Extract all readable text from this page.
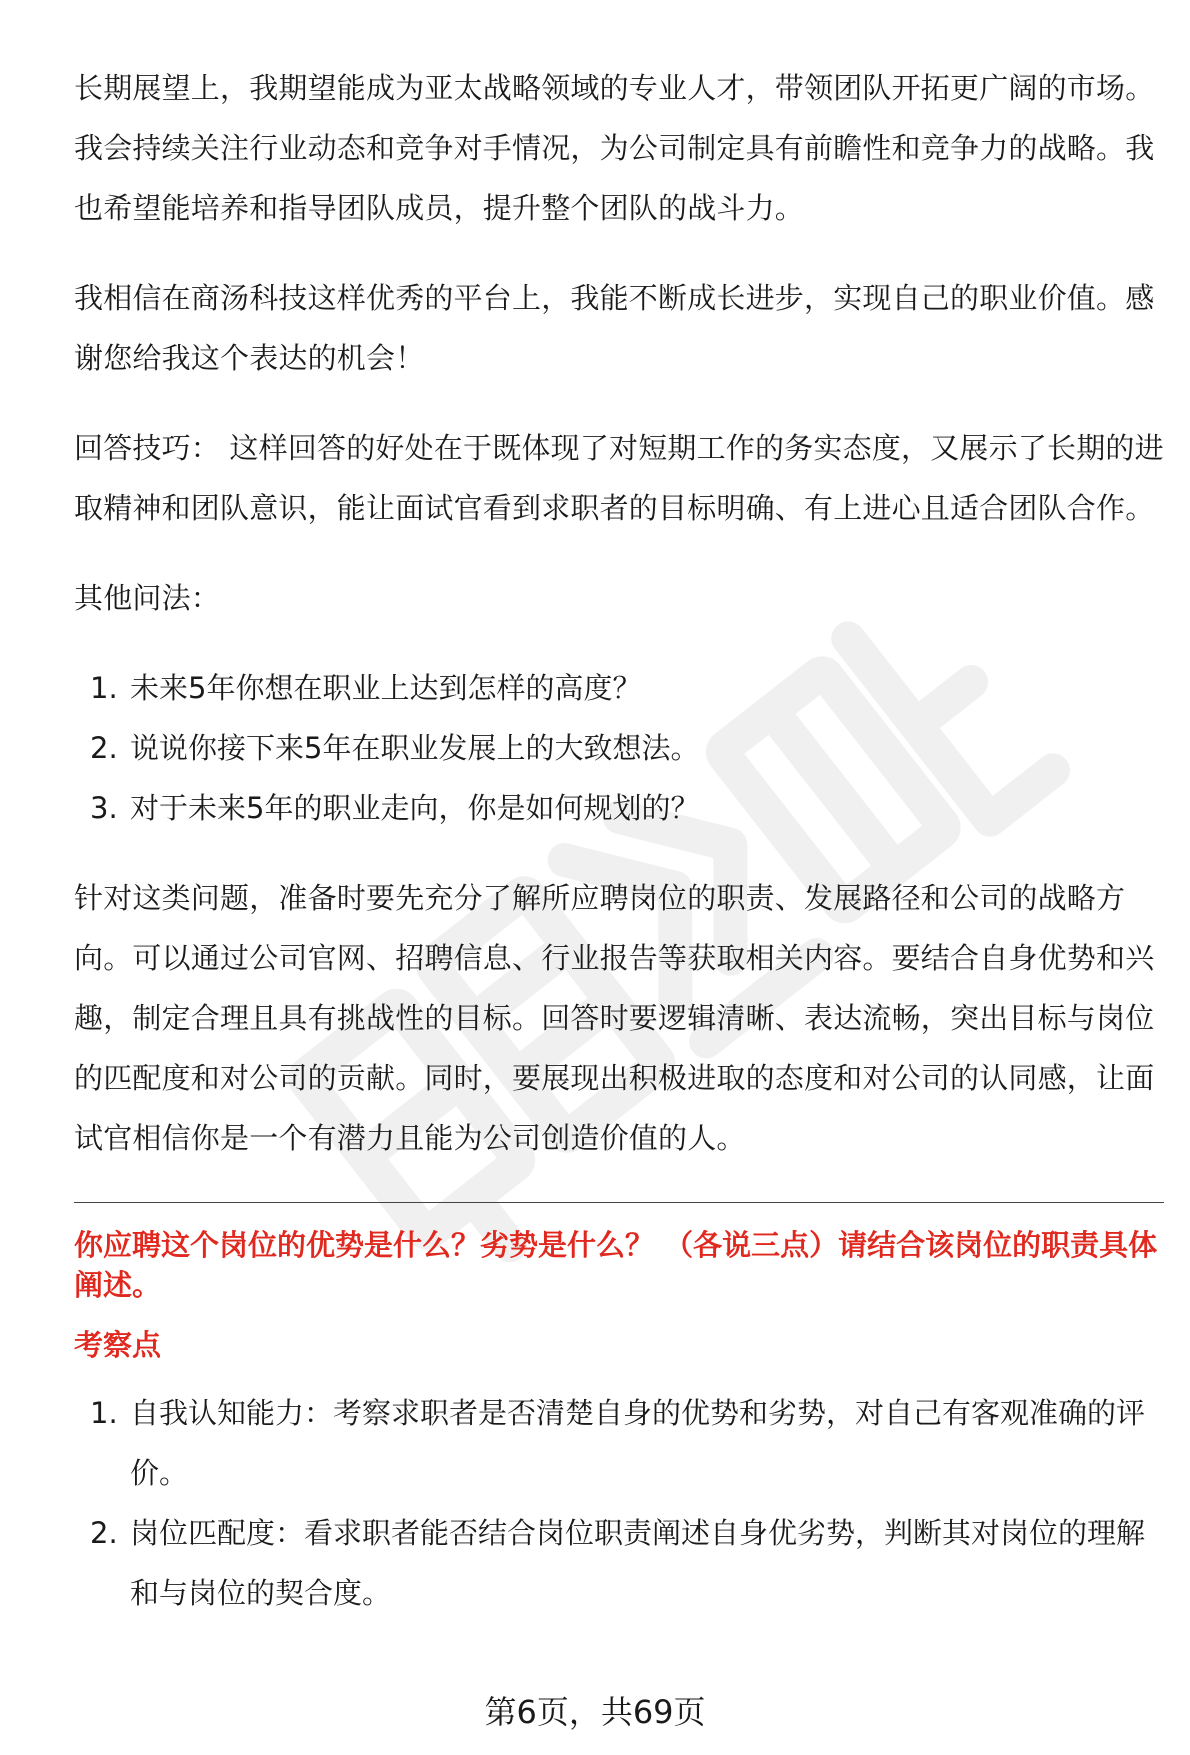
长期展望上，我期望能成为亚太战略领域的专业人才，带领团队开拓更广阔的市场。我会持续关注行业动态和竞争对手情况，为公司制定具有前瞻性和竞争力的战略。我也希望能培养和指导团队成员，提升整个团队的战斗力。

我相信在商汤科技这样优秀的平台上，我能不断成长进步，实现自己的职业价值。感谢您给我这个表达的机会！

回答技巧： 这样回答的好处在于既体现了对短期工作的务实态度，又展示了长期的进取精神和团队意识，能让面试官看到求职者的目标明确、有上进心且适合团队合作。

其他问法：

1. 未来5年你想在职业上达到怎样的高度？
2. 说说你接下来5年在职业发展上的大致想法。
3. 对于未来5年的职业走向，你是如何规划的？

针对这类问题，准备时要先充分了解所应聘岗位的职责、发展路径和公司的战略方向。可以通过公司官网、招聘信息、行业报告等获取相关内容。要结合自身优势和兴趣，制定合理且具有挑战性的目标。回答时要逻辑清晰、表达流畅，突出目标与岗位的匹配度和对公司的贡献。同时，要展现出积极进取的态度和对公司的认同感，让面试官相信你是一个有潜力且能为公司创造价值的人。

你应聘这个岗位的优势是什么？劣势是什么？ （各说三点）请结合该岗位的职责具体阐述。
考察点
1. 自我认知能力：考察求职者是否清楚自身的优势和劣势，对自己有客观准确的评价。
2. 岗位匹配度：看求职者能否结合岗位职责阐述自身优劣势，判断其对岗位的理解和与岗位的契合度。
第6页，共69页
